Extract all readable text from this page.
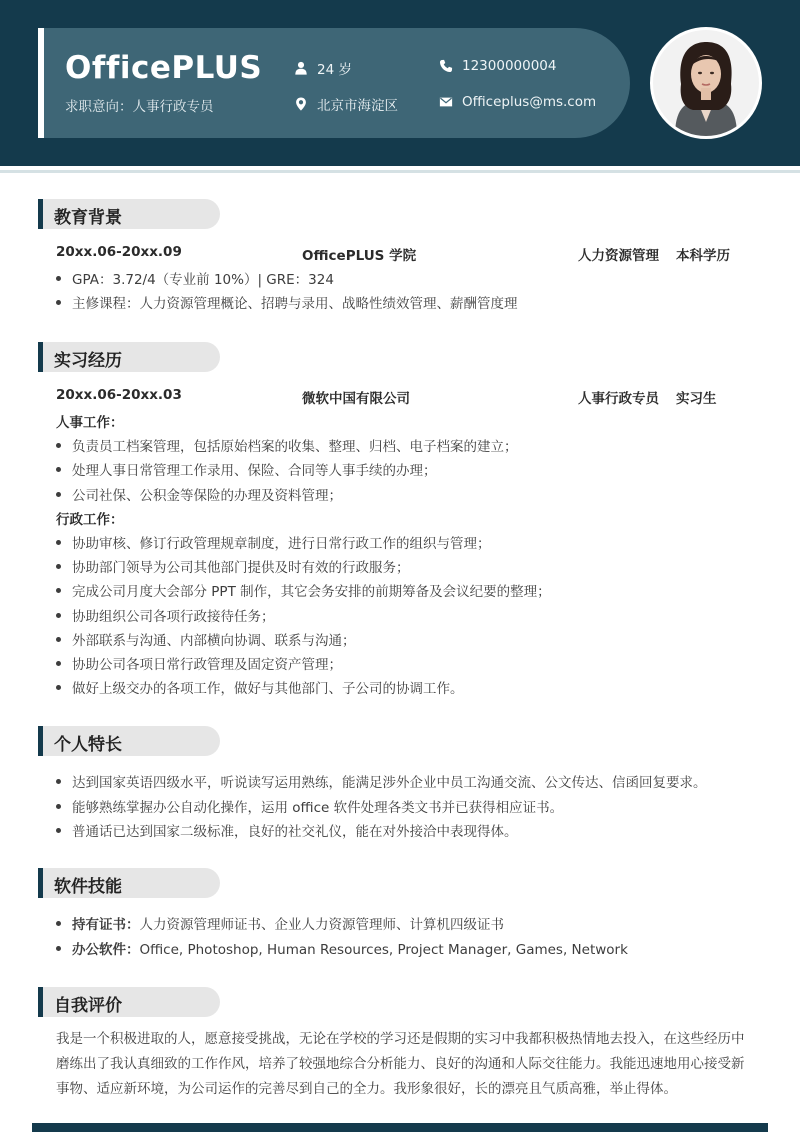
OfficePLUS
求职意向：人事行政专员
24 岁	12300000004
北京市海淀区	Officeplus@ms.com
教育背景
20xx.06-20xx.09	OfficePLUS 学院	人力资源管理 本科学历
GPA：3.72/4（专业前 10%）| GRE：324
主修课程：人力资源管理概论、招聘与录用、战略性绩效管理、薪酬管度理
实习经历
20xx.06-20xx.03	微软中国有限公司	人事行政专员 实习生
人事工作：
负责员工档案管理，包括原始档案的收集、整理、归档、电子档案的建立；
处理人事日常管理工作录用、保险、合同等人事手续的办理；
公司社保、公积金等保险的办理及资料管理；
行政工作：
协助审核、修订行政管理规章制度，进行日常行政工作的组织与管理；
协助部门领导为公司其他部门提供及时有效的行政服务；
完成公司月度大会部分 PPT 制作，其它会务安排的前期筹备及会议纪要的整理；
协助组织公司各项行政接待任务；
外部联系与沟通、内部横向协调、联系与沟通；
协助公司各项日常行政管理及固定资产管理；
做好上级交办的各项工作，做好与其他部门、子公司的协调工作。
个人特长
达到国家英语四级水平，听说读写运用熟练，能满足涉外企业中员工沟通交流、公文传达、信函回复要求。
能够熟练掌握办公自动化操作，运用 office 软件处理各类文书并已获得相应证书。
普通话已达到国家二级标准，良好的社交礼仪，能在对外接洽中表现得体。
软件技能
持有证书：人力资源管理师证书、企业人力资源管理师、计算机四级证书
办公软件：Office, Photoshop, Human Resources, Project Manager, Games, Network
自我评价
我是一个积极进取的人，愿意接受挑战，无论在学校的学习还是假期的实习中我都积极热情地去投入，在这些经历中磨练出了我认真细致的工作作风，培养了较强地综合分析能力、良好的沟通和人际交往能力。我能迅速地用心接受新事物、适应新环境，为公司运作的完善尽到自己的全力。我形象很好，长的漂亮且气质高雅，举止得体。
